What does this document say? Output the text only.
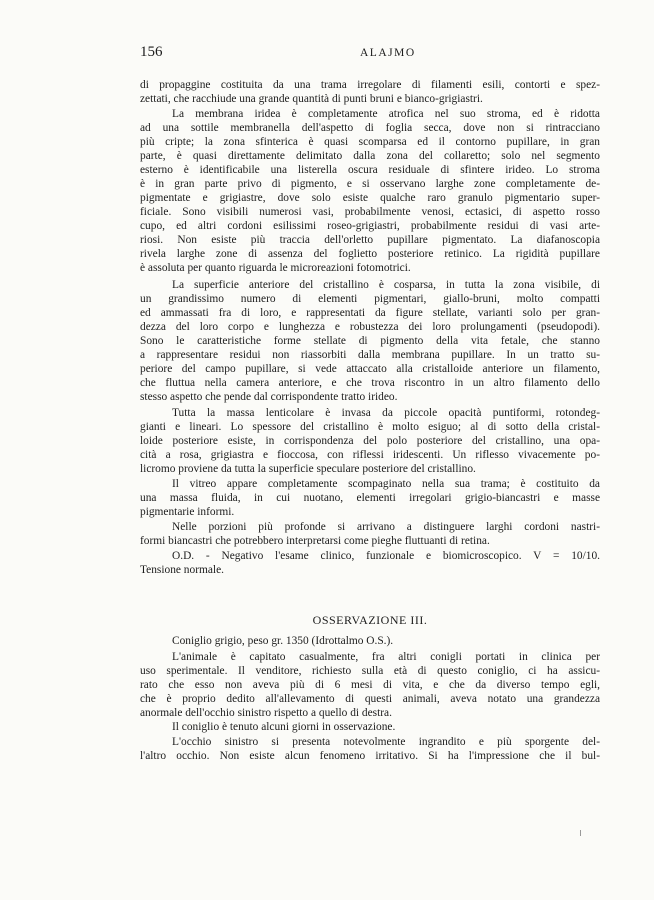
156	ALAJMO
di propaggine costituita da una trama irregolare di filamenti esili, contorti e spez-
zettati, che racchiude una grande quantità di punti bruni e bianco-grigiastri.
La membrana iridea è completamente atrofica nel suo stroma, ed è ridotta
ad una sottile membranella dell'aspetto di foglia secca, dove non si rintracciano
più cripte; la zona sfinterica è quasi scomparsa ed il contorno pupillare, in gran
parte, è quasi direttamente delimitato dalla zona del collaretto; solo nel segmento
esterno è identificabile una listerella oscura residuale di sfintere irideo. Lo stroma
è in gran parte privo di pigmento, e si osservano larghe zone completamente de-
pigmentate e grigiastre, dove solo esiste qualche raro granulo pigmentario super-
ficiale. Sono visibili numerosi vasi, probabilmente venosi, ectasici, di aspetto rosso
cupo, ed altri cordoni esilissimi roseo-grigiastri, probabilmente residui di vasi arte-
riosi. Non esiste più traccia dell'orletto pupillare pigmentato. La diafanoscopia
rivela larghe zone di assenza del foglietto posteriore retinico. La rigidità pupillare
è assoluta per quanto riguarda le microreazioni fotomotrici.
La superficie anteriore del cristallino è cosparsa, in tutta la zona visibile, di
un grandissimo numero di elementi pigmentari, giallo-bruni, molto compatti
ed ammassati fra di loro, e rappresentati da figure stellate, varianti solo per gran-
dezza del loro corpo e lunghezza e robustezza dei loro prolungamenti (pseudopodi).
Sono le caratteristiche forme stellate di pigmento della vita fetale, che stanno
a rappresentare residui non riassorbiti dalla membrana pupillare. In un tratto su-
periore del campo pupillare, si vede attaccato alla cristalloide anteriore un filamento,
che fluttua nella camera anteriore, e che trova riscontro in un altro filamento dello
stesso aspetto che pende dal corrispondente tratto irideo.
Tutta la massa lenticolare è invasa da piccole opacità puntiformi, rotondeg-
gianti e lineari. Lo spessore del cristallino è molto esiguo; al di sotto della cristal-
loide posteriore esiste, in corrispondenza del polo posteriore del cristallino, una opa-
cità a rosa, grigiastra e fioccosa, con riflessi iridescenti. Un riflesso vivacemente po-
licromo proviene da tutta la superficie speculare posteriore del cristallino.
Il vitreo appare completamente scompaginato nella sua trama; è costituito da
una massa fluida, in cui nuotano, elementi irregolari grigio-biancastri e masse
pigmentarie informi.
Nelle porzioni più profonde si arrivano a distinguere larghi cordoni nastri-
formi biancastri che potrebbero interpretarsi come pieghe fluttuanti di retina.
O.D. - Negativo l'esame clinico, funzionale e biomicroscopico. V = 10/10.
Tensione normale.
OSSERVAZIONE III.
Coniglio grigio, peso gr. 1350 (Idrottalmo O.S.).
L'animale è capitato casualmente, fra altri conigli portati in clinica per
uso sperimentale. Il venditore, richiesto sulla età di questo coniglio, ci ha assicu-
rato che esso non aveva più di 6 mesi di vita, e che da diverso tempo egli,
che è proprio dedito all'allevamento di questi animali, aveva notato una grandezza
anormale dell'occhio sinistro rispetto a quello di destra.
Il coniglio è tenuto alcuni giorni in osservazione.
L'occhio sinistro si presenta notevolmente ingrandito e più sporgente del-
l'altro occhio. Non esiste alcun fenomeno irritativo. Si ha l'impressione che il bul-
